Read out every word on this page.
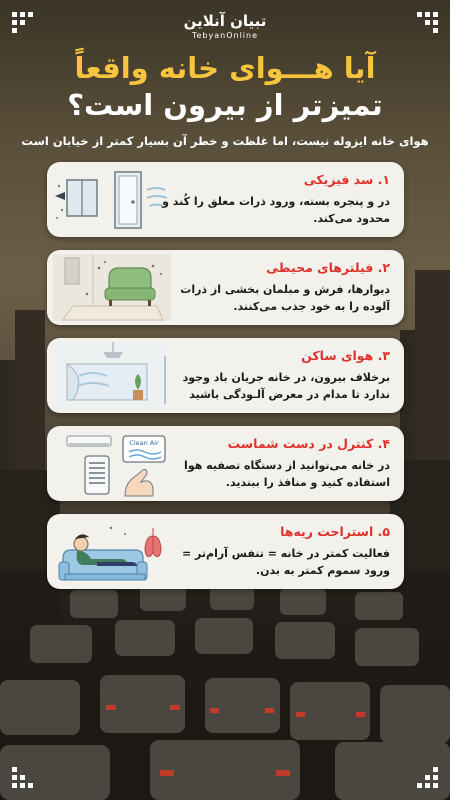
تبیان آنلاین
TebyanOnline
آیا هـــوای خانه واقعاً
تمیزتر از بیرون است؟
هوای خانه ایزوله نیست، اما غلظت و خطر آن بسیار کمتر از خیابان است
۱. سد فیزیکی
در و پنجره بسته، ورود ذرات معلق را کُند و محدود می‌کند.
۲. فیلترهای محیطی
دیوارها، فرش و مبلمان بخشی از ذرات آلوده را به خود جذب می‌کنند.
۳. هوای ساکن
برخلاف بیرون، در خانه جریان باد وجود ندارد تا مدام در معرض آلـودگی باشید
Clean Air	۴. کنترل در دست شماست
در خانه می‌توانید از دستگاه تصفیه هوا استفاده کنید و منافذ را ببندید.
۵. استراحت ریه‌ها
فعالیت کمتر در خانه = تنفس آرام‌تر = ورود سموم کمتر به بدن.
